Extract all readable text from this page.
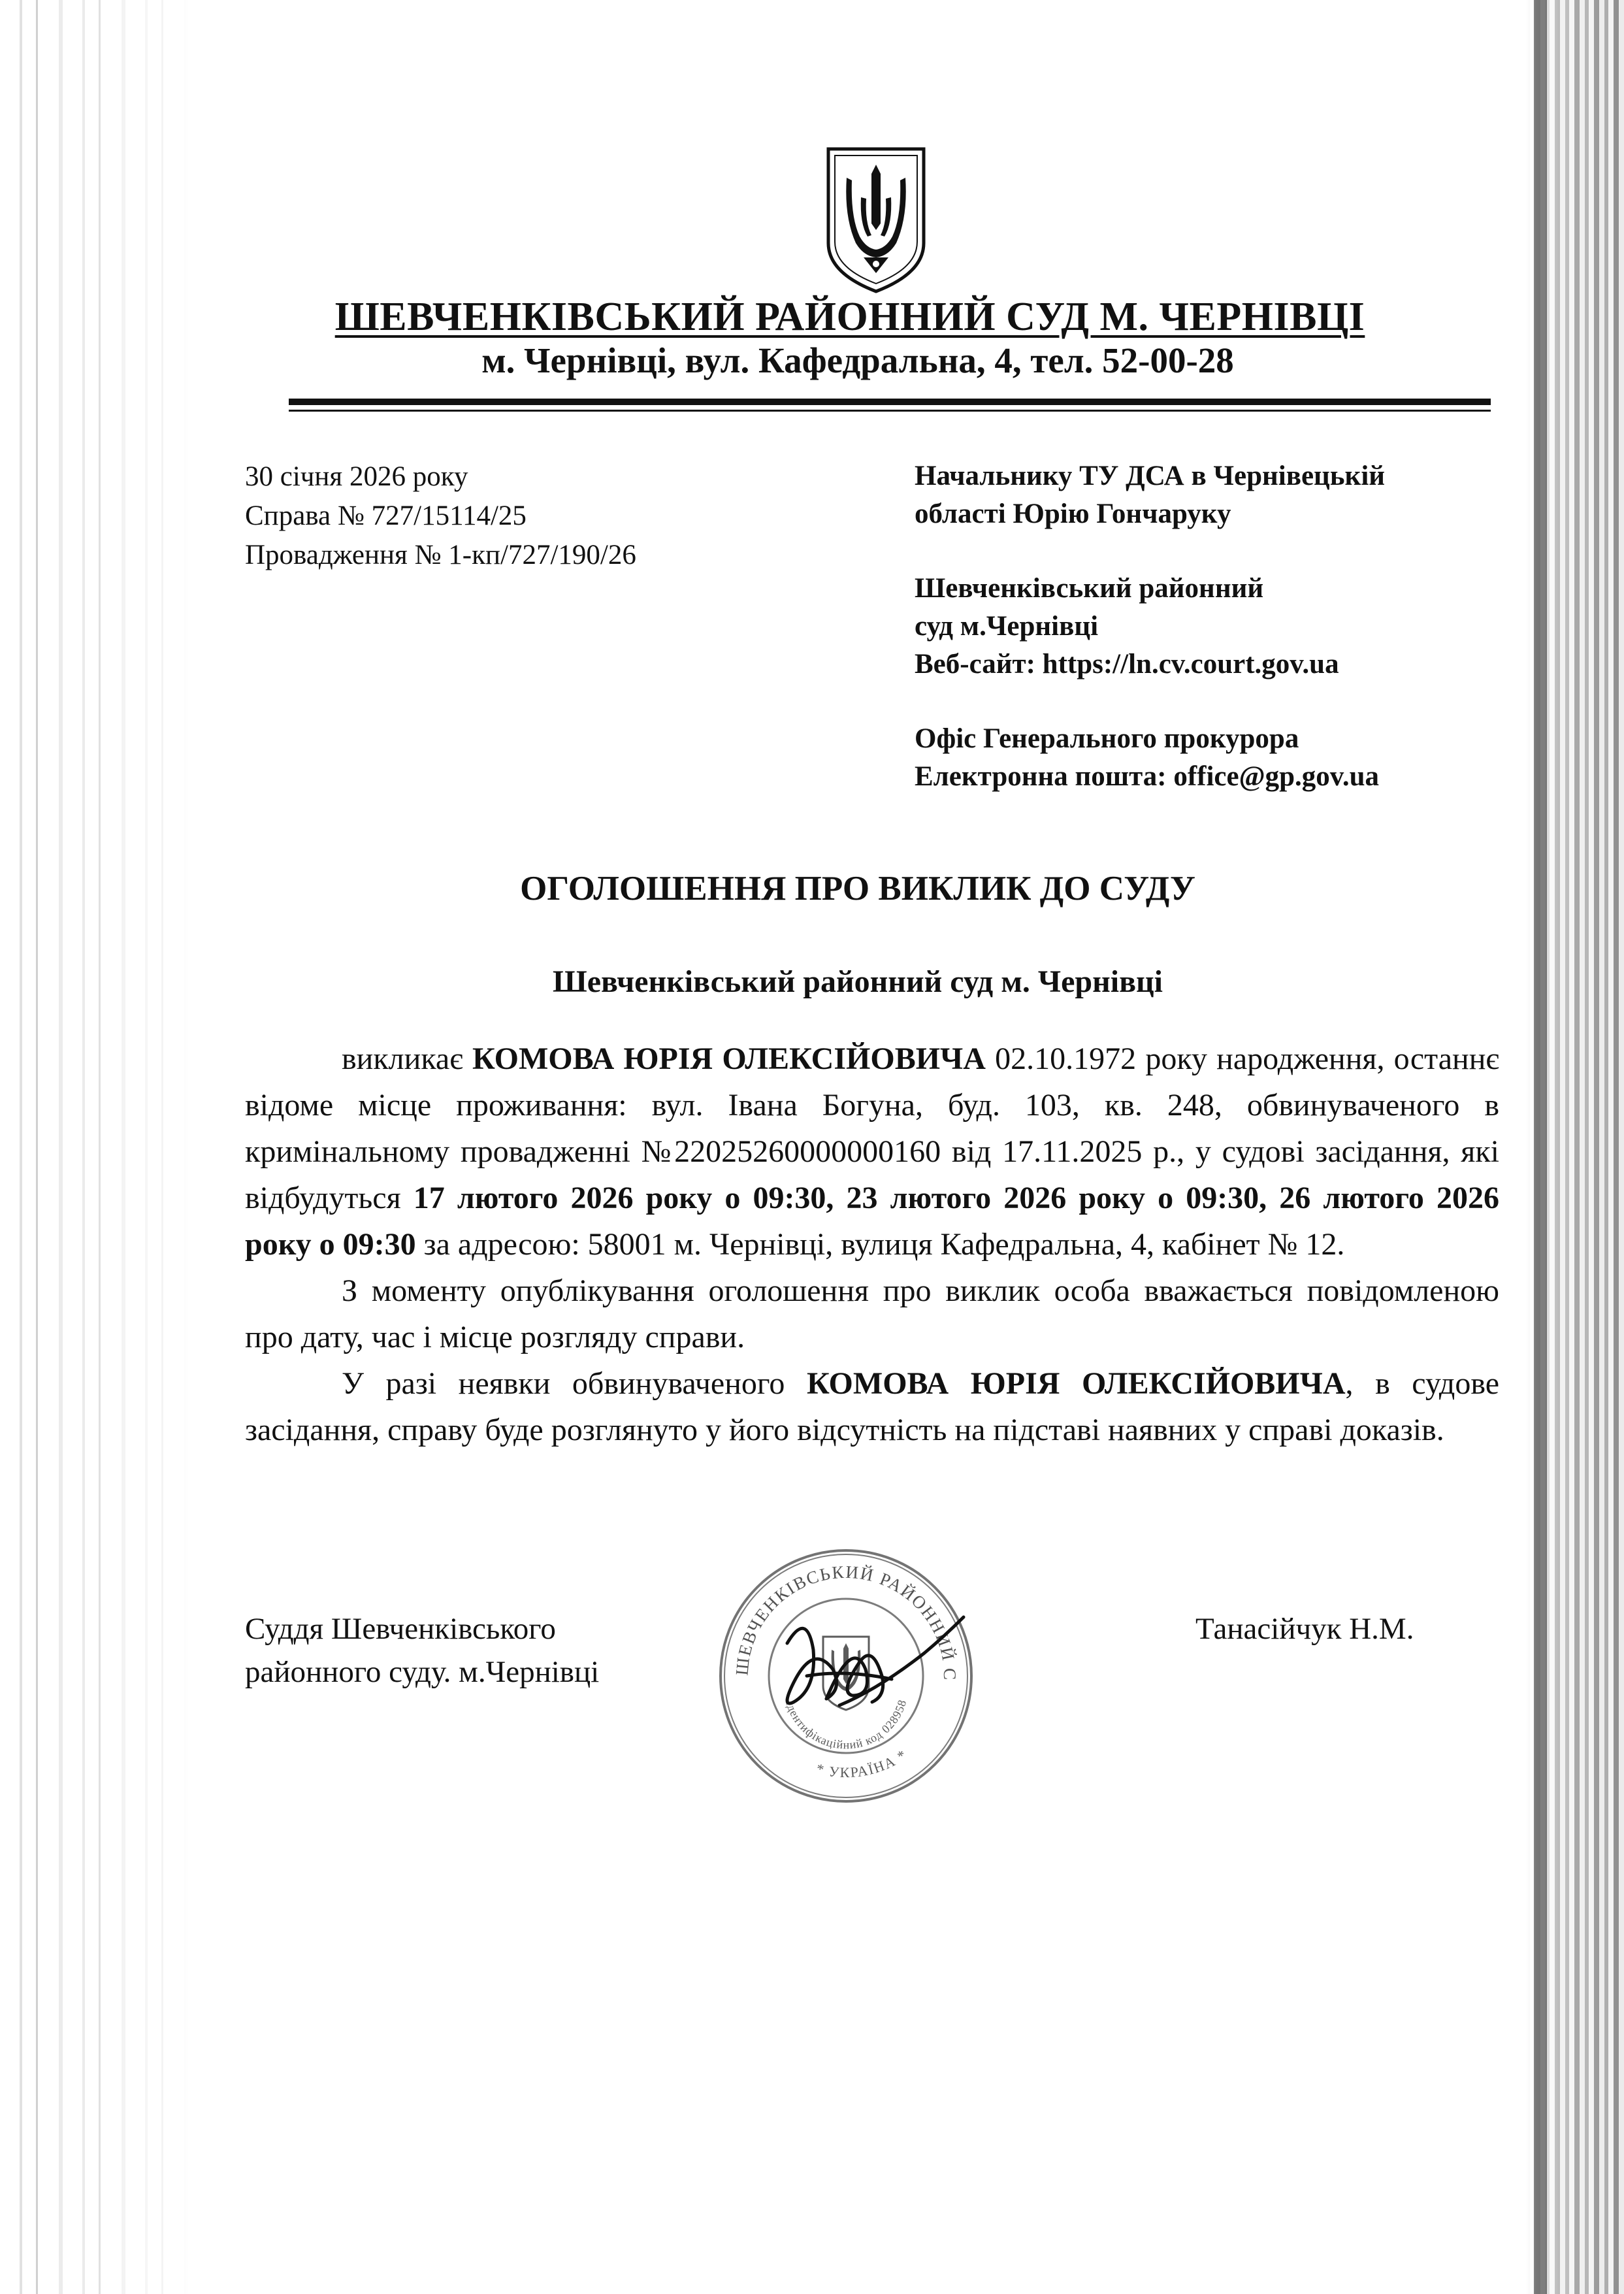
ШЕВЧЕНКІВСЬКИЙ РАЙОННИЙ СУД М. ЧЕРНІВЦІ
м. Чернівці, вул. Кафедральна, 4, тел. 52-00-28
30 січня 2026 року
Справа № 727/15114/25
Провадження № 1-кп/727/190/26
Начальнику ТУ ДСА в Чернівецькій
області Юрію Гончаруку
Шевченківський районний
суд м.Чернівці
Веб-сайт: https://ln.cv.court.gov.ua
Офіс Генерального прокурора
Електронна пошта: office@gp.gov.ua
ОГОЛОШЕННЯ ПРО ВИКЛИК ДО СУДУ
Шевченківський районний суд м. Чернівці

викликає КОМОВА ЮРІЯ ОЛЕКСІЙОВИЧА 02.10.1972 року народження, останнє відоме місце проживання: вул. Івана Богуна, буд. 103, кв. 248, обвинуваченого в кримінальному провадженні №22025260000000160 від 17.11.2025 р., у судові засідання, які відбудуться 17 лютого 2026 року о 09:30, 23 лютого 2026 року о 09:30, 26 лютого 2026 року о 09:30 за адресою: 58001 м. Чернівці, вулиця Кафедральна, 4, кабінет № 12.

З моменту опублікування оголошення про виклик особа вважається повідомленою про дату, час і місце розгляду справи.

У разі неявки обвинуваченого КОМОВА ЮРІЯ ОЛЕКСІЙОВИЧА, в судове засідання, справу буде розглянуто у його відсутність на підставі наявних у справі доказів.

Суддя Шевченківського
районного суду. м.Чернівці	ШЕВЧЕНКІВСЬКИЙ РАЙОННИЙ С
Ідентифікаційний код 028958
* УКРАЇНА *
Танасійчук Н.М.
